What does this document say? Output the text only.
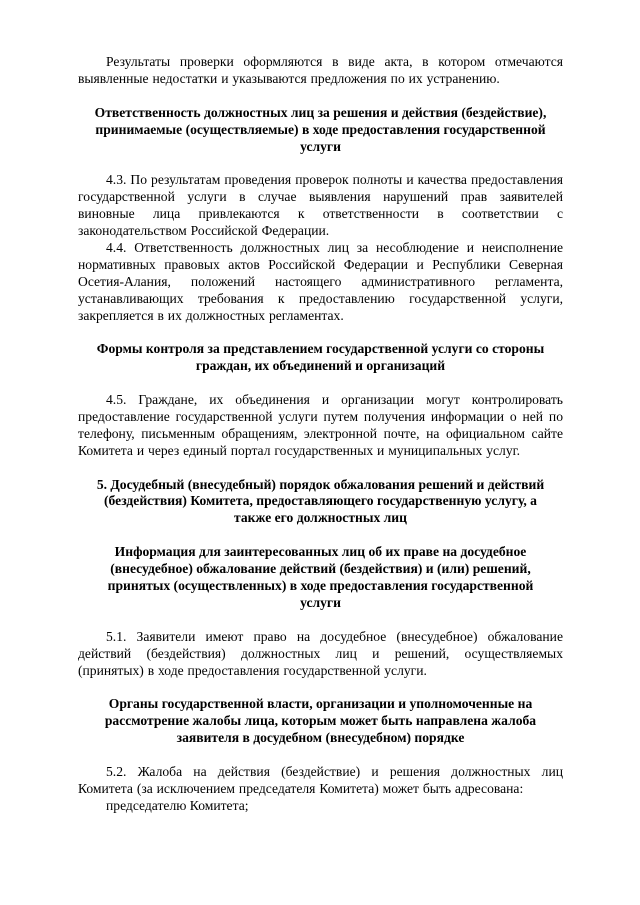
Результаты проверки оформляются в виде акта, в котором отмечаются выявленные недостатки и указываются предложения по их устранению.

Ответственность должностных лиц за решения и действия (бездействие), принимаемые (осуществляемые) в ходе предоставления государственной услуги

4.3. По результатам проведения проверок полноты и качества предоставления государственной услуги в случае выявления нарушений прав заявителей виновные лица привлекаются к ответственности в соответствии с законодательством Российской Федерации.

4.4. Ответственность должностных лиц за несоблюдение и неисполнение нормативных правовых актов Российской Федерации и Республики Северная Осетия-Алания, положений настоящего административного регламента, устанавливающих требования к предоставлению государственной услуги, закрепляется в их должностных регламентах.

Формы контроля за представлением государственной услуги со стороны граждан, их объединений и организаций

4.5. Граждане, их объединения и организации могут контролировать предоставление государственной услуги путем получения информации о ней по телефону, письменным обращениям, электронной почте, на официальном сайте Комитета и через единый портал государственных и муниципальных услуг.

5. Досудебный (внесудебный) порядок обжалования решений и действий (бездействия) Комитета, предоставляющего государственную услугу, а также его должностных лиц
Информация для заинтересованных лиц об их праве на досудебное (внесудебное) обжалование действий (бездействия) и (или) решений, принятых (осуществленных) в ходе предоставления государственной услуги

5.1. Заявители имеют право на досудебное (внесудебное) обжалование действий (бездействия) должностных лиц и решений, осуществляемых (принятых) в ходе предоставления государственной услуги.

Органы государственной власти, организации и уполномоченные на рассмотрение жалобы лица, которым может быть направлена жалоба заявителя в досудебном (внесудебном) порядке

5.2. Жалоба на действия (бездействие) и решения должностных лиц Комитета (за исключением председателя Комитета) может быть адресована:

председателю Комитета;
